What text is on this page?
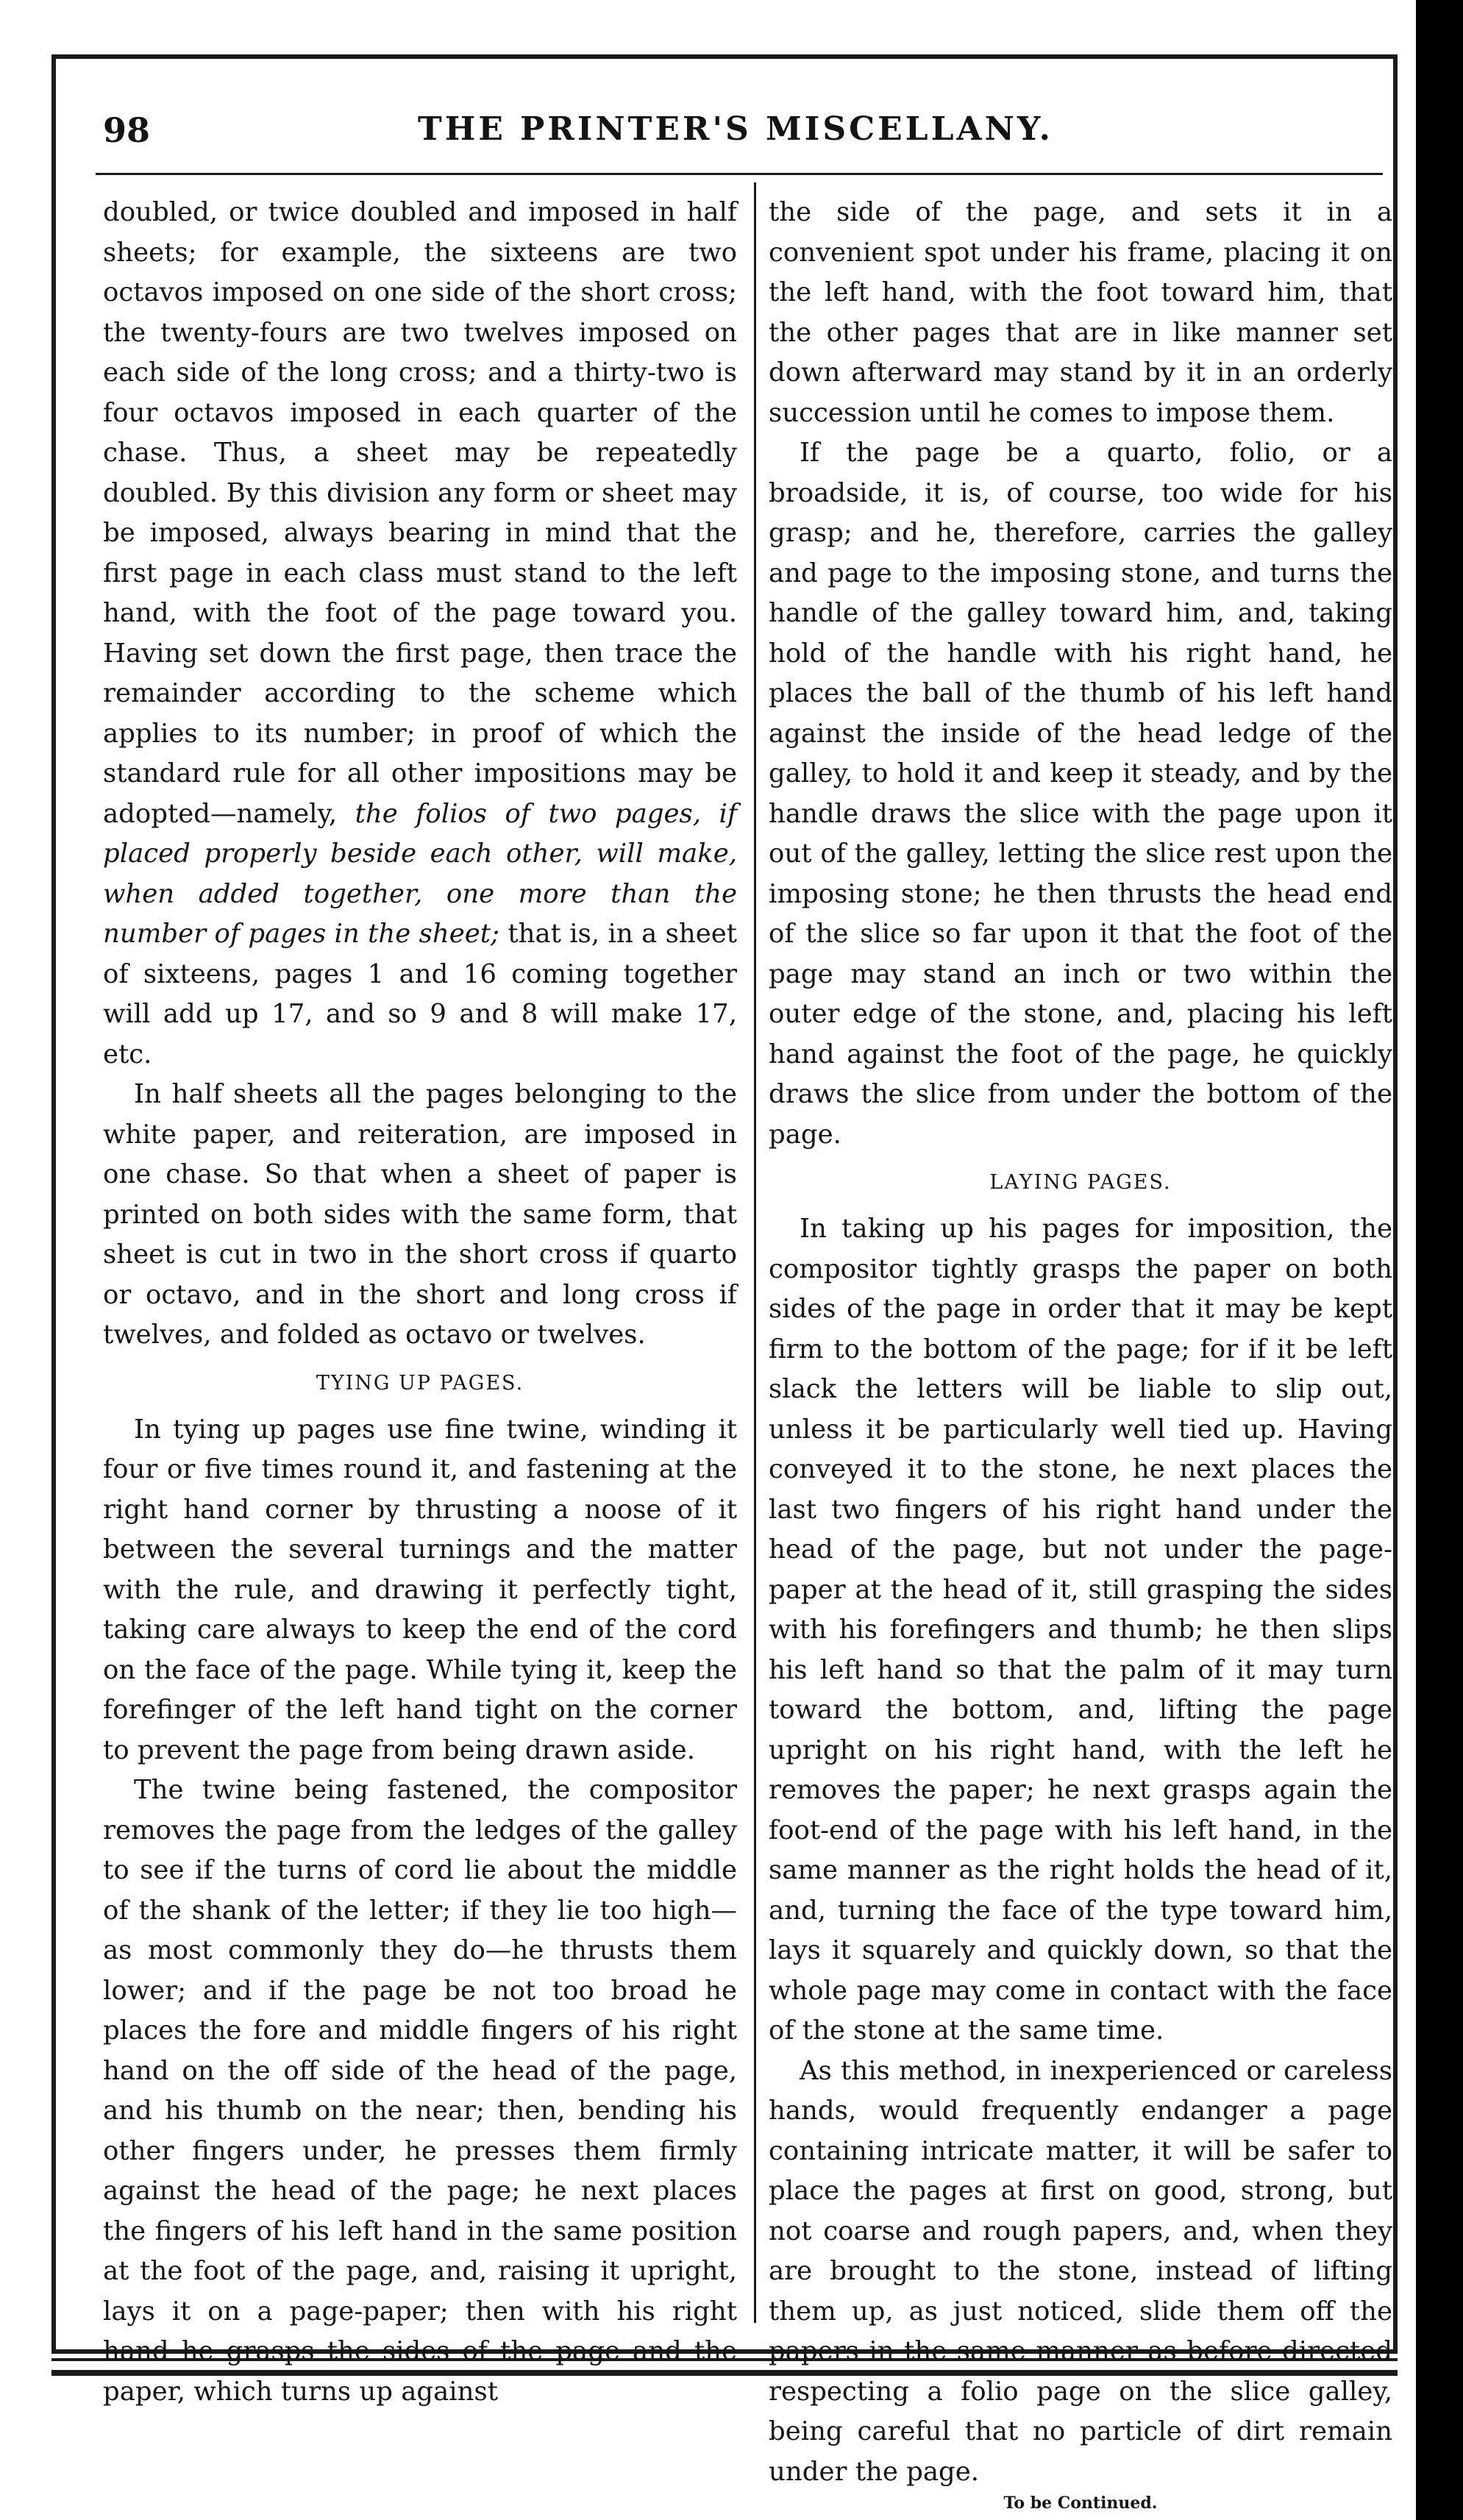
98	THE PRINTER'S MISCELLANY.

doubled, or twice doubled and imposed in half sheets; for example, the sixteens are two octavos imposed on one side of the short cross; the twenty-fours are two twelves imposed on each side of the long cross; and a thirty-two is four octavos imposed in each quarter of the chase. Thus, a sheet may be repeatedly doubled. By this division any form or sheet may be imposed, always bearing in mind that the first page in each class must stand to the left hand, with the foot of the page toward you. Having set down the first page, then trace the remainder according to the scheme which applies to its number; in proof of which the standard rule for all other impositions may be adopted—namely, the folios of two pages, if placed properly beside each other, will make, when added together, one more than the number of pages in the sheet; that is, in a sheet of sixteens, pages 1 and 16 coming together will add up 17, and so 9 and 8 will make 17, etc.

In half sheets all the pages belonging to the white paper, and reiteration, are imposed in one chase. So that when a sheet of paper is printed on both sides with the same form, that sheet is cut in two in the short cross if quarto or octavo, and in the short and long cross if twelves, and folded as octavo or twelves.

TYING UP PAGES.

In tying up pages use fine twine, winding it four or five times round it, and fastening at the right hand corner by thrusting a noose of it between the several turnings and the matter with the rule, and drawing it perfectly tight, taking care always to keep the end of the cord on the face of the page. While tying it, keep the forefinger of the left hand tight on the corner to prevent the page from being drawn aside.

The twine being fastened, the compositor removes the page from the ledges of the galley to see if the turns of cord lie about the middle of the shank of the letter; if they lie too high—as most commonly they do—he thrusts them lower; and if the page be not too broad he places the fore and middle fingers of his right hand on the off side of the head of the page, and his thumb on the near; then, bending his other fingers under, he presses them firmly against the head of the page; he next places the fingers of his left hand in the same position at the foot of the page, and, raising it upright, lays it on a page-paper; then with his right hand he grasps the sides of the page and the paper, which turns up against

the side of the page, and sets it in a convenient spot under his frame, placing it on the left hand, with the foot toward him, that the other pages that are in like manner set down afterward may stand by it in an orderly succession until he comes to impose them.

If the page be a quarto, folio, or a broadside, it is, of course, too wide for his grasp; and he, therefore, carries the galley and page to the imposing stone, and turns the handle of the galley toward him, and, taking hold of the handle with his right hand, he places the ball of the thumb of his left hand against the inside of the head ledge of the galley, to hold it and keep it steady, and by the handle draws the slice with the page upon it out of the galley, letting the slice rest upon the imposing stone; he then thrusts the head end of the slice so far upon it that the foot of the page may stand an inch or two within the outer edge of the stone, and, placing his left hand against the foot of the page, he quickly draws the slice from under the bottom of the page.

LAYING PAGES.

In taking up his pages for imposition, the compositor tightly grasps the paper on both sides of the page in order that it may be kept firm to the bottom of the page; for if it be left slack the letters will be liable to slip out, unless it be particularly well tied up. Having conveyed it to the stone, he next places the last two fingers of his right hand under the head of the page, but not under the page-paper at the head of it, still grasping the sides with his forefingers and thumb; he then slips his left hand so that the palm of it may turn toward the bottom, and, lifting the page upright on his right hand, with the left he removes the paper; he next grasps again the foot-end of the page with his left hand, in the same manner as the right holds the head of it, and, turning the face of the type toward him, lays it squarely and quickly down, so that the whole page may come in contact with the face of the stone at the same time.

As this method, in inexperienced or careless hands, would frequently endanger a page containing intricate matter, it will be safer to place the pages at first on good, strong, but not coarse and rough papers, and, when they are brought to the stone, instead of lifting them up, as just noticed, slide them off the papers in the same manner as before directed respecting a folio page on the slice galley, being careful that no particle of dirt remain under the page.

To be Continued.
